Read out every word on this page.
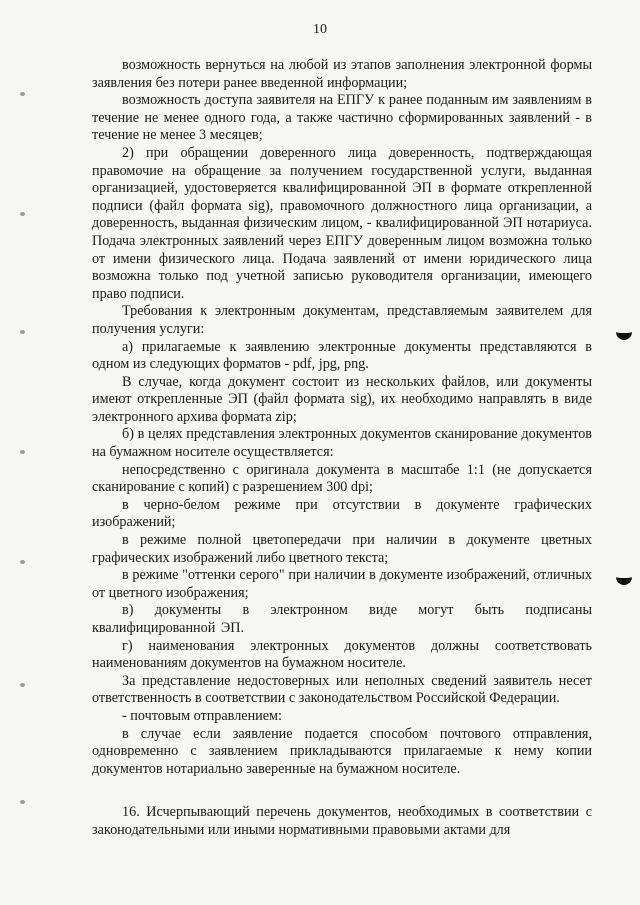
10

возможность вернуться на любой из этапов заполнения электронной формы заявления без потери ранее введенной информации;

возможность доступа заявителя на ЕПГУ к ранее поданным им заявлениям в течение не менее одного года, а также частично сформированных заявлений - в течение не менее 3 месяцев;

2) при обращении доверенного лица доверенность, подтверждающая правомочие на обращение за получением государственной услуги, выданная организацией, удостоверяется квалифицированной ЭП в формате открепленной подписи (файл формата sig), правомочного должностного лица организации, а доверенность, выданная физическим лицом, - квалифицированной ЭП нотариуса. Подача электронных заявлений через ЕПГУ доверенным лицом возможна только от имени физического лица. Подача заявлений от имени юридического лица возможна только под учетной записью руководителя организации, имеющего право подписи.

Требования к электронным документам, представляемым заявителем для получения услуги:

а) прилагаемые к заявлению электронные документы представляются в одном из следующих форматов - pdf, jpg, png.

В случае, когда документ состоит из нескольких файлов, или документы имеют открепленные ЭП (файл формата sig), их необходимо направлять в виде электронного архива формата zip;

б) в целях представления электронных документов сканирование документов на бумажном носителе осуществляется:

непосредственно с оригинала документа в масштабе 1:1 (не допускается сканирование с копий) с разрешением 300 dpi;

в черно-белом режиме при отсутствии в документе графических изображений;

в режиме полной цветопередачи при наличии в документе цветных графических изображений либо цветного текста;

в режиме "оттенки серого" при наличии в документе изображений, отличных от цветного изображения;

в) документы в электронном виде могут быть подписаны квалифицированной ЭП.

г) наименования электронных документов должны соответствовать наименованиям документов на бумажном носителе.

За представление недостоверных или неполных сведений заявитель несет ответственность в соответствии с законодательством Российской Федерации.

- почтовым отправлением:

в случае если заявление подается способом почтового отправления, одновременно с заявлением прикладываются прилагаемые к нему копии документов нотариально заверенные на бумажном носителе.

16. Исчерпывающий перечень документов, необходимых в соответствии с законодательными или иными нормативными правовыми актами для
